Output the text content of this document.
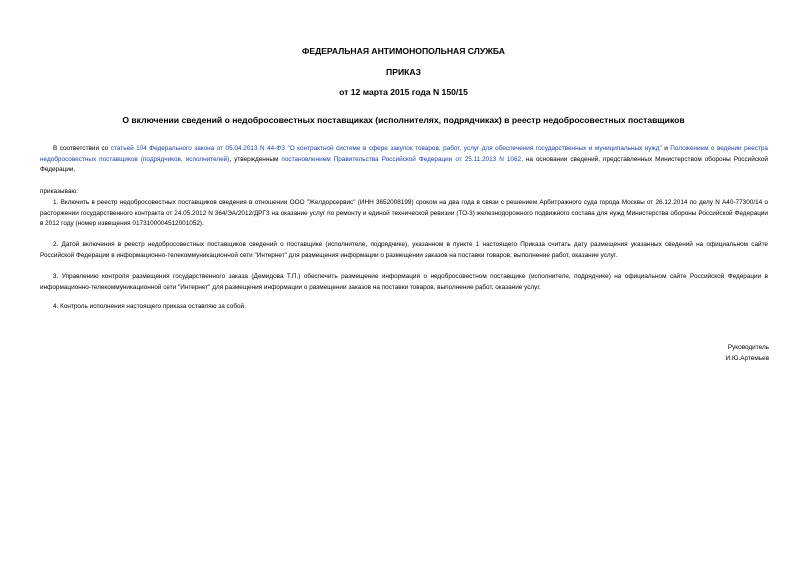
ФЕДЕРАЛЬНАЯ АНТИМОНОПОЛЬНАЯ СЛУЖБА
ПРИКАЗ
от 12 марта 2015 года N 150/15
О включении сведений о недобросовестных поставщиках (исполнителях, подрядчиках) в реестр недобросовестных поставщиков
В соответствии со статьей 104 Федерального закона от 05.04.2013 N 44-ФЗ "О контрактной системе в сфере закупок товаров, работ, услуг для обеспечения государственных и муниципальных нужд" и Положением о ведении реестра недобросовестных поставщиков (подрядчиков, исполнителей), утвержденным постановлением Правительства Российской Федерации от 25.11.2013 N 1062, на основании сведений, представленных Министерством обороны Российской Федерации,
приказываю:
1. Включить в реестр недобросовестных поставщиков сведения в отношении ООО "Желдорсервис" (ИНН 3652008199) сроком на два года в связи с решением Арбитражного суда города Москвы от 26.12.2014 по делу N А40-77300/14 о расторжении государственного контракта от 24.05.2012 N 364/ЭА/2012/ДРГЗ на оказание услуг по ремонту и единой технической ревизии (ТО-3) железнодорожного подвижного состава для нужд Министерства обороны Российской Федерации в 2012 году (номер извещения 0173100004512001052).
2. Датой включения в реестр недобросовестных поставщиков сведений о поставщике (исполнителе, подрядчике), указанном в пункте 1 настоящего Приказа считать дату размещения указанных сведений на официальном сайте Российской Федерации в информационно-телекоммуникационной сети "Интернет" для размещения информации о размещении заказов на поставки товаров, выполнение работ, оказание услуг.
3. Управлению контроля размещения государственного заказа (Демидова Т.П.) обеспечить размещение информации о недобросовестном поставщике (исполнителе, подрядчике) на официальном сайте Российской Федерации в информационно-телекоммуникационной сети "Интернет" для размещения информации о размещении заказов на поставки товаров, выполнение работ, оказание услуг.
4. Контроль исполнения настоящего приказа оставляю за собой.
Руководитель
И.Ю.Артемьев
